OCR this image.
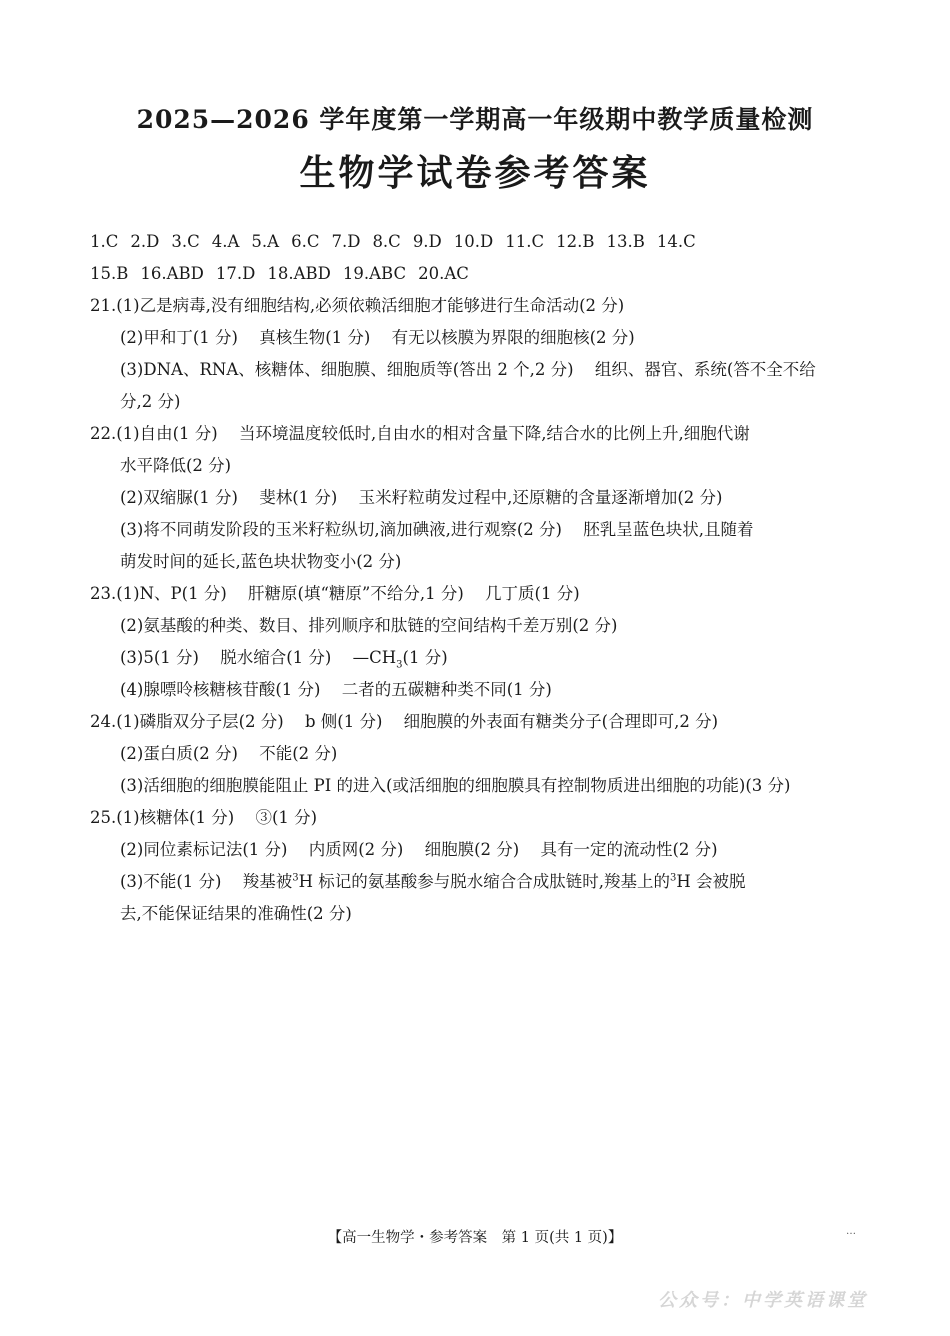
2025—2026 学年度第一学期高一年级期中教学质量检测
生物学试卷参考答案
1.C 2.D 3.C 4.A 5.A 6.C 7.D 8.C 9.D 10.D 11.C 12.B 13.B 14.C
15.B 16.ABD 17.D 18.ABD 19.ABC 20.AC
21.(1)乙是病毒,没有细胞结构,必须依赖活细胞才能够进行生命活动(2 分)
(2)甲和丁(1 分) 真核生物(1 分) 有无以核膜为界限的细胞核(2 分)
(3)DNA、RNA、核糖体、细胞膜、细胞质等(答出 2 个,2 分) 组织、器官、系统(答不全不给
分,2 分)
22.(1)自由(1 分) 当环境温度较低时,自由水的相对含量下降,结合水的比例上升,细胞代谢
水平降低(2 分)
(2)双缩脲(1 分) 斐林(1 分) 玉米籽粒萌发过程中,还原糖的含量逐渐增加(2 分)
(3)将不同萌发阶段的玉米籽粒纵切,滴加碘液,进行观察(2 分) 胚乳呈蓝色块状,且随着
萌发时间的延长,蓝色块状物变小(2 分)
23.(1)N、P(1 分) 肝糖原(填“糖原”不给分,1 分) 几丁质(1 分)
(2)氨基酸的种类、数目、排列顺序和肽链的空间结构千差万别(2 分)
(3)5(1 分) 脱水缩合(1 分) $—CH_3(1$ 分)
(4)腺嘌呤核糖核苷酸(1 分) 二者的五碳糖种类不同(1 分)
24.(1)磷脂双分子层(2 分) b 侧(1 分) 细胞膜的外表面有糖类分子(合理即可,2 分)
(2)蛋白质(2 分) 不能(2 分)
(3)活细胞的细胞膜能阻止 PI 的进入(或活细胞的细胞膜具有控制物质进出细胞的功能)(3 分)
25.(1)核糖体(1 分) ③(1 分)
(2)同位素标记法(1 分) 内质网(2 分) 细胞膜(2 分) 具有一定的流动性(2 分)
(3)不能(1 分) 羧基被$^3$H 标记的氨基酸参与脱水缩合合成肽链时,羧基上的$^3$H 会被脱
去,不能保证结果的准确性(2 分)
【高一生物学・参考答案　第 1 页(共 1 页)】	…
公众号：中学英语课堂
